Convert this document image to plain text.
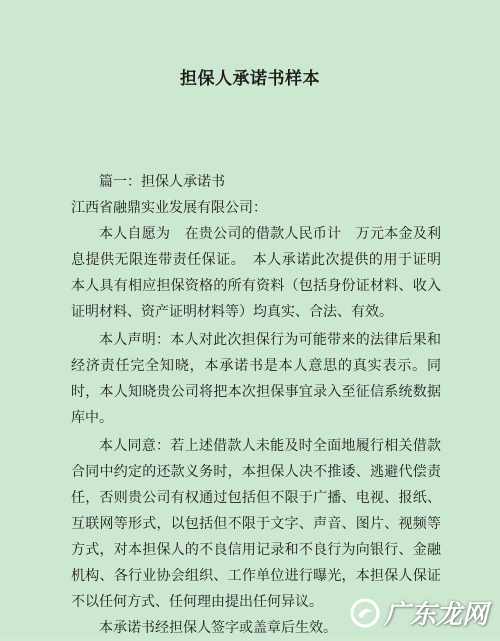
担保人承诺书样本

篇一：担保人承诺书

江西省融鼎实业发展有限公司：

本人自愿为　在贵公司的借款人民币计　万元本金及利息提供无限连带责任保证。　本人承诺此次提供的用于证明本人具有相应担保资格的所有资料（包括身份证材料、收入证明材料、资产证明材料等）均真实、合法、有效。

本人声明：本人对此次担保行为可能带来的法律后果和经济责任完全知晓，本承诺书是本人意思的真实表示。同时，本人知晓贵公司将把本次担保事宜录入至征信系统数据库中。

本人同意：若上述借款人未能及时全面地履行相关借款合同中约定的还款义务时，本担保人决不推诿、逃避代偿责任，否则贵公司有权通过包括但不限于广播、电视、报纸、互联网等形式，以包括但不限于文字、声音、图片、视频等方式，对本担保人的不良信用记录和不良行为向银行、金融机构、各行业协会组织、工作单位进行曝光，本担保人保证不以任何方式、任何理由提出任何异议。

本承诺书经担保人签字或盖章后生效。	广东龙网
